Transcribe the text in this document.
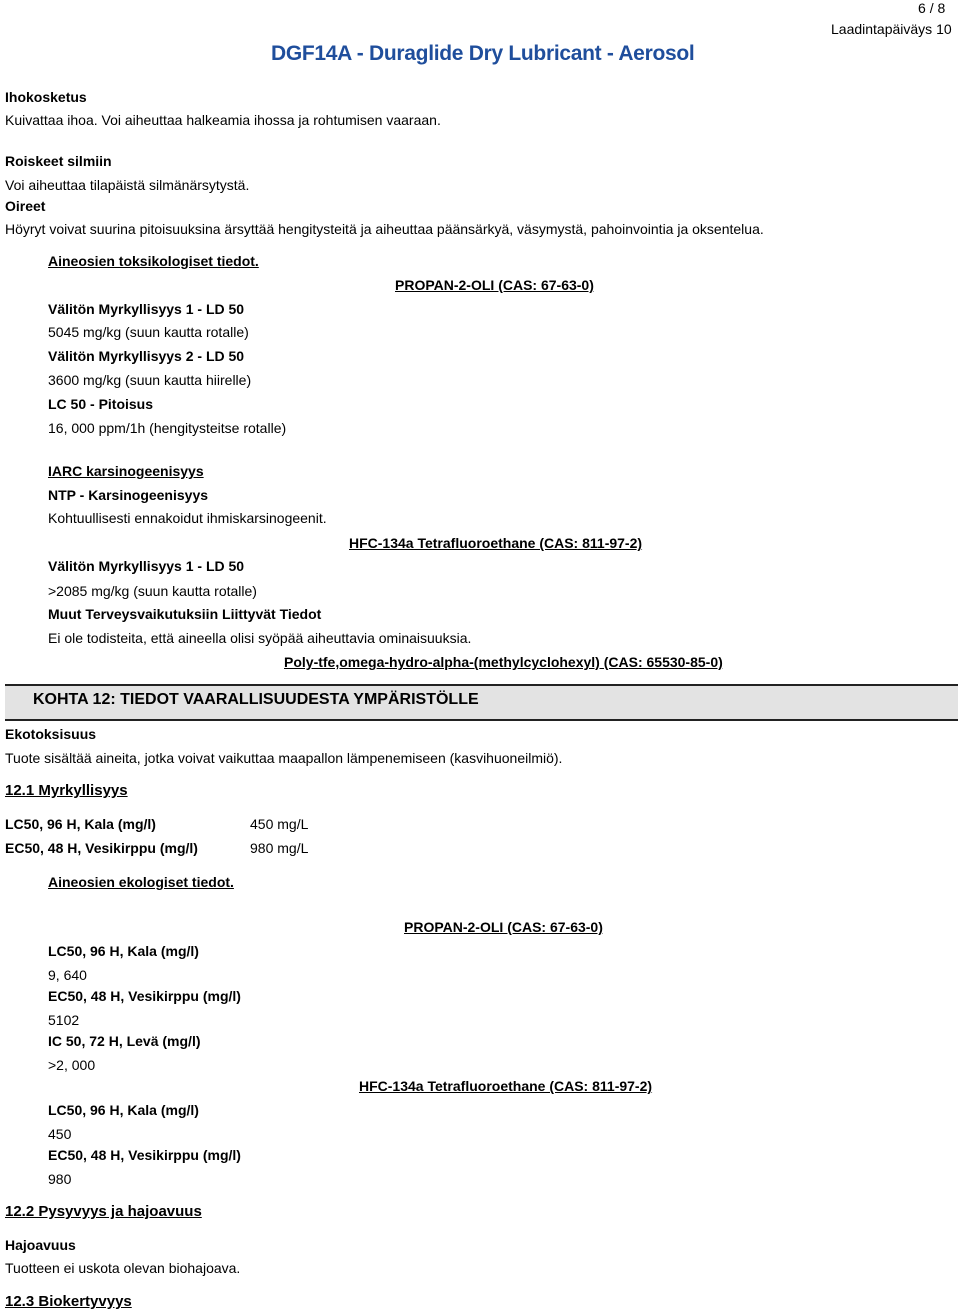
6 / 8
Laadintapäiväys 10
DGF14A - Duraglide Dry Lubricant - Aerosol
Ihokosketus
Kuivattaa ihoa. Voi aiheuttaa halkeamia ihossa ja rohtumisen vaaraan.
Roiskeet silmiin
Voi aiheuttaa tilapäistä silmänärsytystä.
Oireet
Höyryt voivat suurina pitoisuuksina ärsyttää hengitysteitä ja aiheuttaa päänsärkyä, väsymystä, pahoinvointia ja oksentelua.
Aineosien toksikologiset tiedot.
PROPAN-2-OLI (CAS: 67-63-0)
Välitön Myrkyllisyys 1 - LD 50
5045 mg/kg (suun kautta rotalle)
Välitön Myrkyllisyys 2 - LD 50
3600 mg/kg (suun kautta hiirelle)
LC 50 - Pitoisus
16, 000 ppm/1h (hengitysteitse rotalle)
IARC karsinogeenisyys
NTP - Karsinogeenisyys
Kohtuullisesti ennakoidut ihmiskarsinogeenit.
HFC-134a Tetrafluoroethane (CAS: 811-97-2)
Välitön Myrkyllisyys 1 - LD 50
>2085 mg/kg (suun kautta rotalle)
Muut Terveysvaikutuksiin Liittyvät Tiedot
Ei ole todisteita, että aineella olisi syöpää aiheuttavia ominaisuuksia.
Poly-tfe,omega-hydro-alpha-(methylcyclohexyl) (CAS: 65530-85-0)
KOHTA 12: TIEDOT VAARALLISUUDESTA YMPÄRISTÖLLE
Ekotoksisuus
Tuote sisältää aineita, jotka voivat vaikuttaa maapallon lämpenemiseen (kasvihuoneilmiö).
12.1 Myrkyllisyys
LC50, 96 H, Kala (mg/l)	450 mg/L
EC50, 48 H, Vesikirppu (mg/l)	980 mg/L
Aineosien ekologiset tiedot.
PROPAN-2-OLI (CAS: 67-63-0)
LC50, 96 H, Kala (mg/l)
9, 640
EC50, 48 H, Vesikirppu (mg/l)
5102
IC 50, 72 H, Levä (mg/l)
>2, 000
HFC-134a Tetrafluoroethane (CAS: 811-97-2)
LC50, 96 H, Kala (mg/l)
450
EC50, 48 H, Vesikirppu (mg/l)
980
12.2 Pysyvyys ja hajoavuus
Hajoavuus
Tuotteen ei uskota olevan biohajoava.
12.3 Biokertyvyys
